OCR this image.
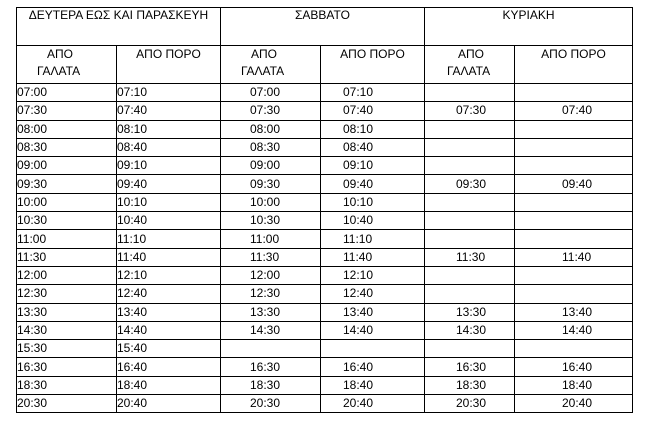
ΔΕΥΤΕΡΑ ΕΩΣ ΚΑΙ ΠΑΡΑΣΚΕΥΗ		ΣΑΒΒΑΤΟ		ΚΥΡΙΑΚΗ	

ΑΠΟ
ΓΑΛΑΤΑ	ΑΠΟ ΠΟΡΟ	ΑΠΟ
ΓΑΛΑΤΑ	ΑΠΟ ΠΟΡΟ	ΑΠΟ
ΓΑΛΑΤΑ	ΑΠΟ ΠΟΡΟ
07:00	07:10	07:00	07:10		
07:30	07:40	07:30	07:40	07:30	07:40
08:00	08:10	08:00	08:10		
08:30	08:40	08:30	08:40		
09:00	09:10	09:00	09:10		
09:30	09:40	09:30	09:40	09:30	09:40
10:00	10:10	10:00	10:10		
10:30	10:40	10:30	10:40		
11:00	11:10	11:00	11:10		
11:30	11:40	11:30	11:40	11:30	11:40
12:00	12:10	12:00	12:10		
12:30	12:40	12:30	12:40		
13:30	13:40	13:30	13:40	13:30	13:40
14:30	14:40	14:30	14:40	14:30	14:40
15:30	15:40				
16:30	16:40	16:30	16:40	16:30	16:40
18:30	18:40	18:30	18:40	18:30	18:40
20:30	20:40	20:30	20:40	20:30	20:40
